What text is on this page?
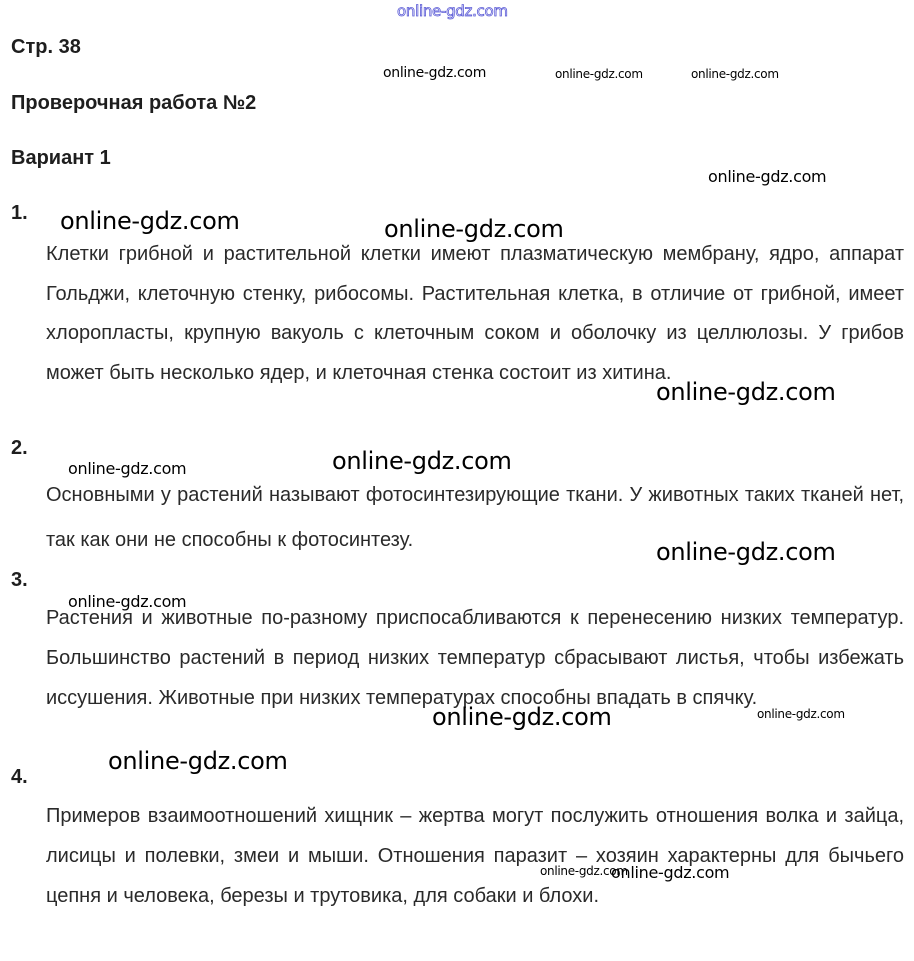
Стр. 38
Проверочная работа №2
Вариант 1
1.

Клетки грибной и растительной клетки имеют плазматическую мембрану, ядро, аппарат Гольджи, клеточную стенку, рибосомы. Растительная клетка, в отличие от грибной, имеет хлоропласты, крупную вакуоль с клеточным соком и оболочку из целлюлозы. У грибов может быть несколько ядер, и клеточная стенка состоит из хитина.

2.

Основными у растений называют фотосинтезирующие ткани. У животных таких тканей нет, так как они не способны к фотосинтезу.

3.

Растения и животные по-разному приспосабливаются к перенесению низких температур. Большинство растений в период низких температур сбрасывают листья, чтобы избежать иссушения. Животные при низких температурах способны впадать в спячку.

4.

Примеров взаимоотношений хищник – жертва могут послужить отношения волка и зайца, лисицы и полевки, змеи и мыши. Отношения паразит – хозяин характерны для бычьего цепня и человека, березы и трутовика, для собаки и блохи.

online-gdz.com
online-gdz.com	online-gdz.com	online-gdz.com
online-gdz.com
online-gdz.com	online-gdz.com
online-gdz.com
online-gdz.com
online-gdz.com
online-gdz.com
online-gdz.com
online-gdz.com	online-gdz.com
online-gdz.com
online-gdz.com
online-gdz.com
